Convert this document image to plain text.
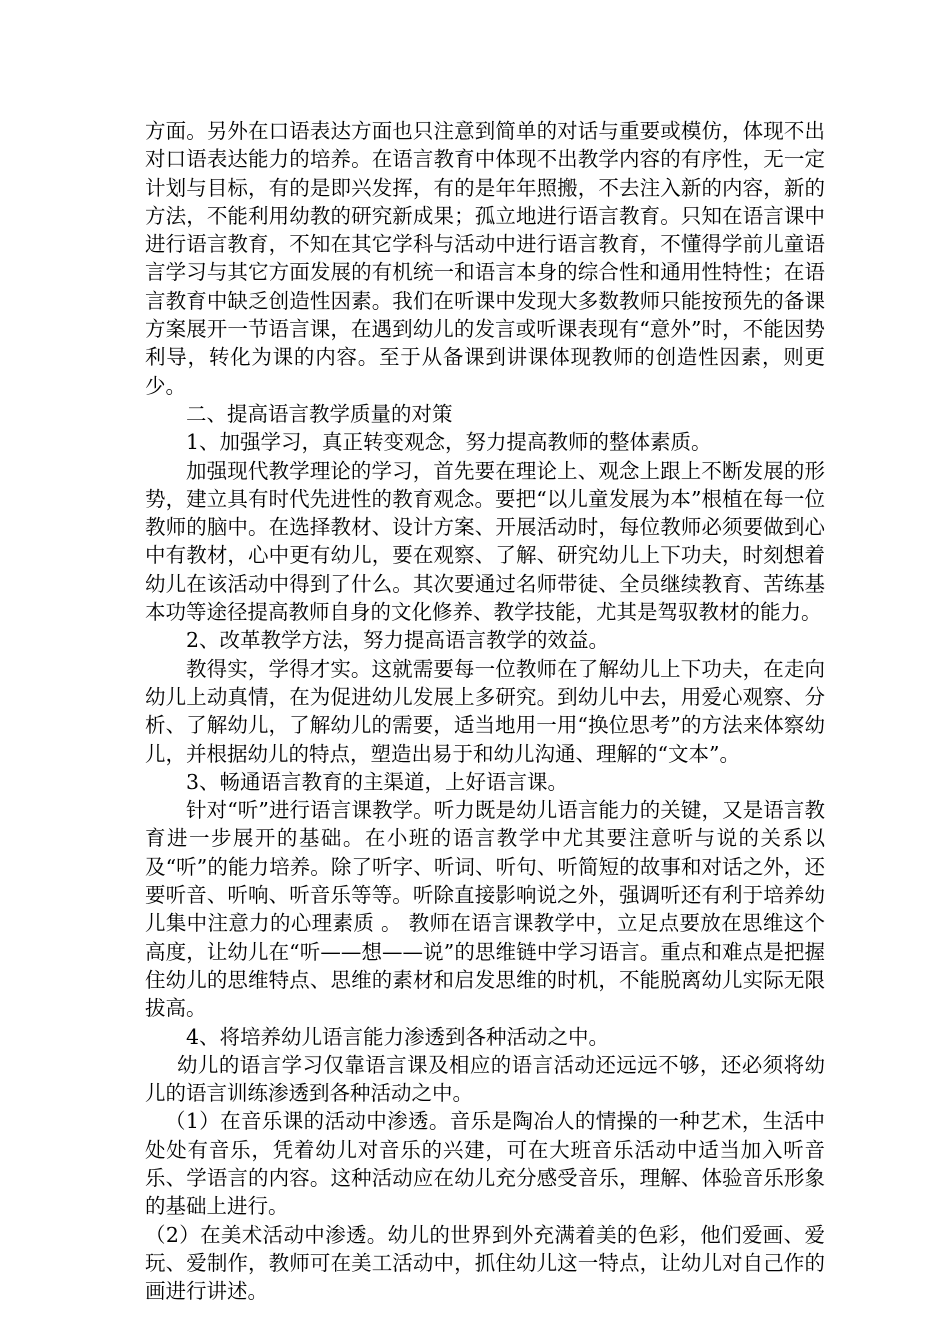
方面。另外在口语表达方面也只注意到简单的对话与重要或模仿，体现不出对口语表达能力的培养。在语言教育中体现不出教学内容的有序性，无一定计划与目标，有的是即兴发挥，有的是年年照搬，不去注入新的内容，新的方法，不能利用幼教的研究新成果；孤立地进行语言教育。只知在语言课中进行语言教育，不知在其它学科与活动中进行语言教育，不懂得学前儿童语言学习与其它方面发展的有机统一和语言本身的综合性和通用性特性；在语言教育中缺乏创造性因素。我们在听课中发现大多数教师只能按预先的备课方案展开一节语言课，在遇到幼儿的发言或听课表现有“意外”时，不能因势利导，转化为课的内容。至于从备课到讲课体现教师的创造性因素，则更少。

二、提高语言教学质量的对策

1、加强学习，真正转变观念，努力提高教师的整体素质。

加强现代教学理论的学习，首先要在理论上、观念上跟上不断发展的形势，建立具有时代先进性的教育观念。要把“以儿童发展为本”根植在每一位教师的脑中。在选择教材、设计方案、开展活动时，每位教师必须要做到心中有教材，心中更有幼儿，要在观察、了解、研究幼儿上下功夫，时刻想着幼儿在该活动中得到了什么。其次要通过名师带徒、全员继续教育、苦练基本功等途径提高教师自身的文化修养、教学技能，尤其是驾驭教材的能力。

2、改革教学方法，努力提高语言教学的效益。

教得实，学得才实。这就需要每一位教师在了解幼儿上下功夫，在走向幼儿上动真情，在为促进幼儿发展上多研究。到幼儿中去，用爱心观察、分析、了解幼儿，了解幼儿的需要，适当地用一用“换位思考”的方法来体察幼儿，并根据幼儿的特点，塑造出易于和幼儿沟通、理解的“文本”。

3、畅通语言教育的主渠道，上好语言课。

针对“听”进行语言课教学。听力既是幼儿语言能力的关键，又是语言教育进一步展开的基础。在小班的语言教学中尤其要注意听与说的关系以及“听”的能力培养。除了听字、听词、听句、听简短的故事和对话之外，还要听音、听响、听音乐等等。听除直接影响说之外，强调听还有利于培养幼儿集中注意力的心理素质 。 教师在语言课教学中，立足点要放在思维这个高度，让幼儿在“听——想——说”的思维链中学习语言。重点和难点是把握住幼儿的思维特点、思维的素材和启发思维的时机，不能脱离幼儿实际无限拔高。

4、将培养幼儿语言能力渗透到各种活动之中。

幼儿的语言学习仅靠语言课及相应的语言活动还远远不够，还必须将幼儿的语言训练渗透到各种活动之中。

（1）在音乐课的活动中渗透。音乐是陶冶人的情操的一种艺术，生活中处处有音乐，凭着幼儿对音乐的兴建，可在大班音乐活动中适当加入听音乐、学语言的内容。这种活动应在幼儿充分感受音乐，理解、体验音乐形象的基础上进行。

（2）在美术活动中渗透。幼儿的世界到外充满着美的色彩，他们爱画、爱玩、爱制作，教师可在美工活动中，抓住幼儿这一特点，让幼儿对自己作的画进行讲述。
